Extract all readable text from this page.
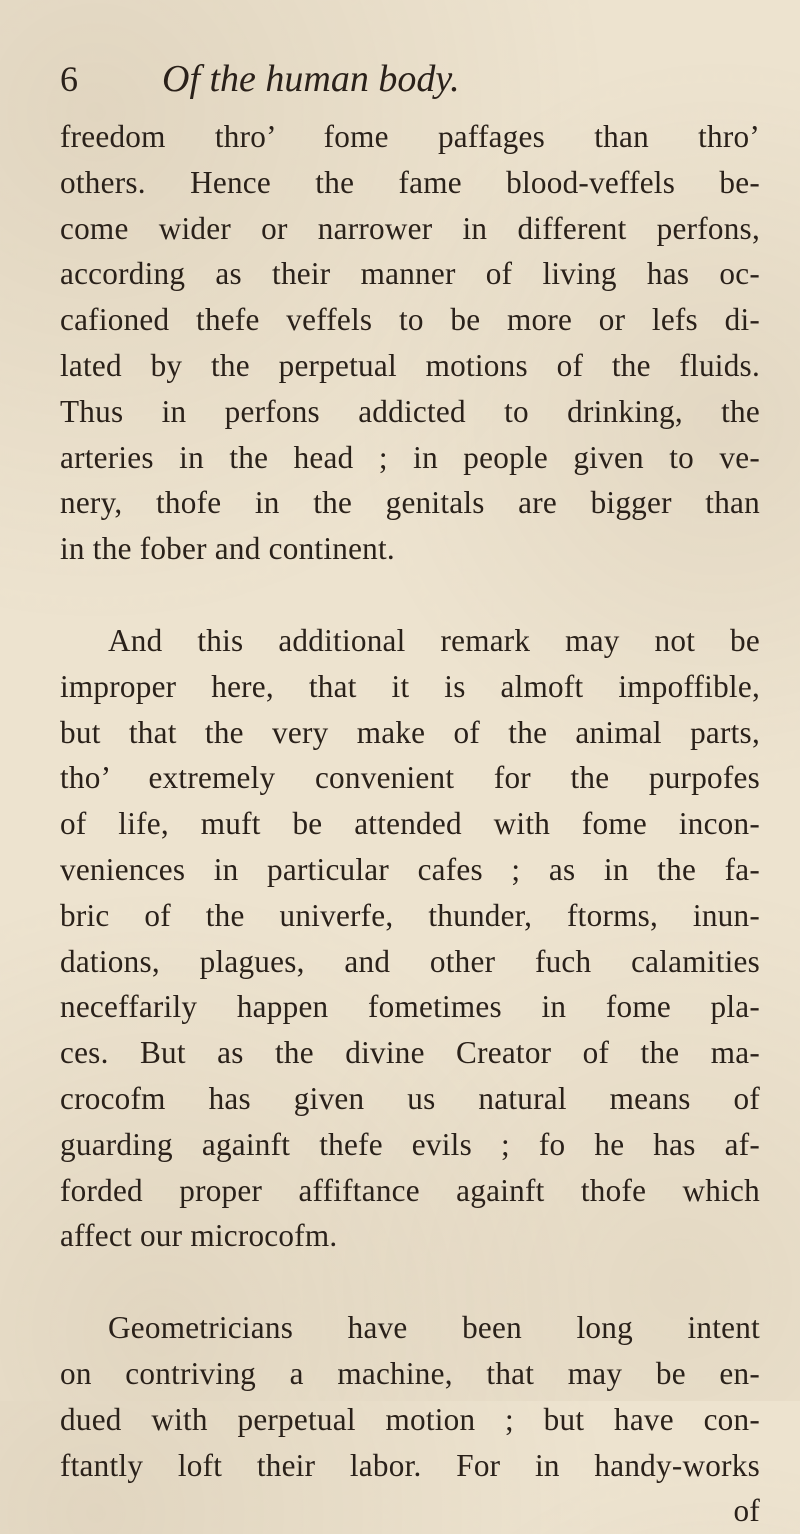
6	Of the human body.
freedom thro’ fome paffages than thro’
others. Hence the fame blood-veffels be-
come wider or narrower in different perfons,
according as their manner of living has oc-
cafioned thefe veffels to be more or lefs di-
lated by the perpetual motions of the fluids.
Thus in perfons addicted to drinking, the
arteries in the head ; in people given to ve-
nery, thofe in the genitals are bigger than
in the fober and continent.
And this additional remark may not be
improper here, that it is almoft impoffible,
but that the very make of the animal parts,
tho’ extremely convenient for the purpofes
of life, muft be attended with fome incon-
veniences in particular cafes ; as in the fa-
bric of the univerfe, thunder, ftorms, inun-
dations, plagues, and other fuch calamities
neceffarily happen fometimes in fome pla-
ces. But as the divine Creator of the ma-
crocofm has given us natural means of
guarding againft thefe evils ; fo he has af-
forded proper affiftance againft thofe which
affect our microcofm.
Geometricians have been long intent
on contriving a machine, that may be en-
dued with perpetual motion ; but have con-
ftantly loft their labor. For in handy-works
of
